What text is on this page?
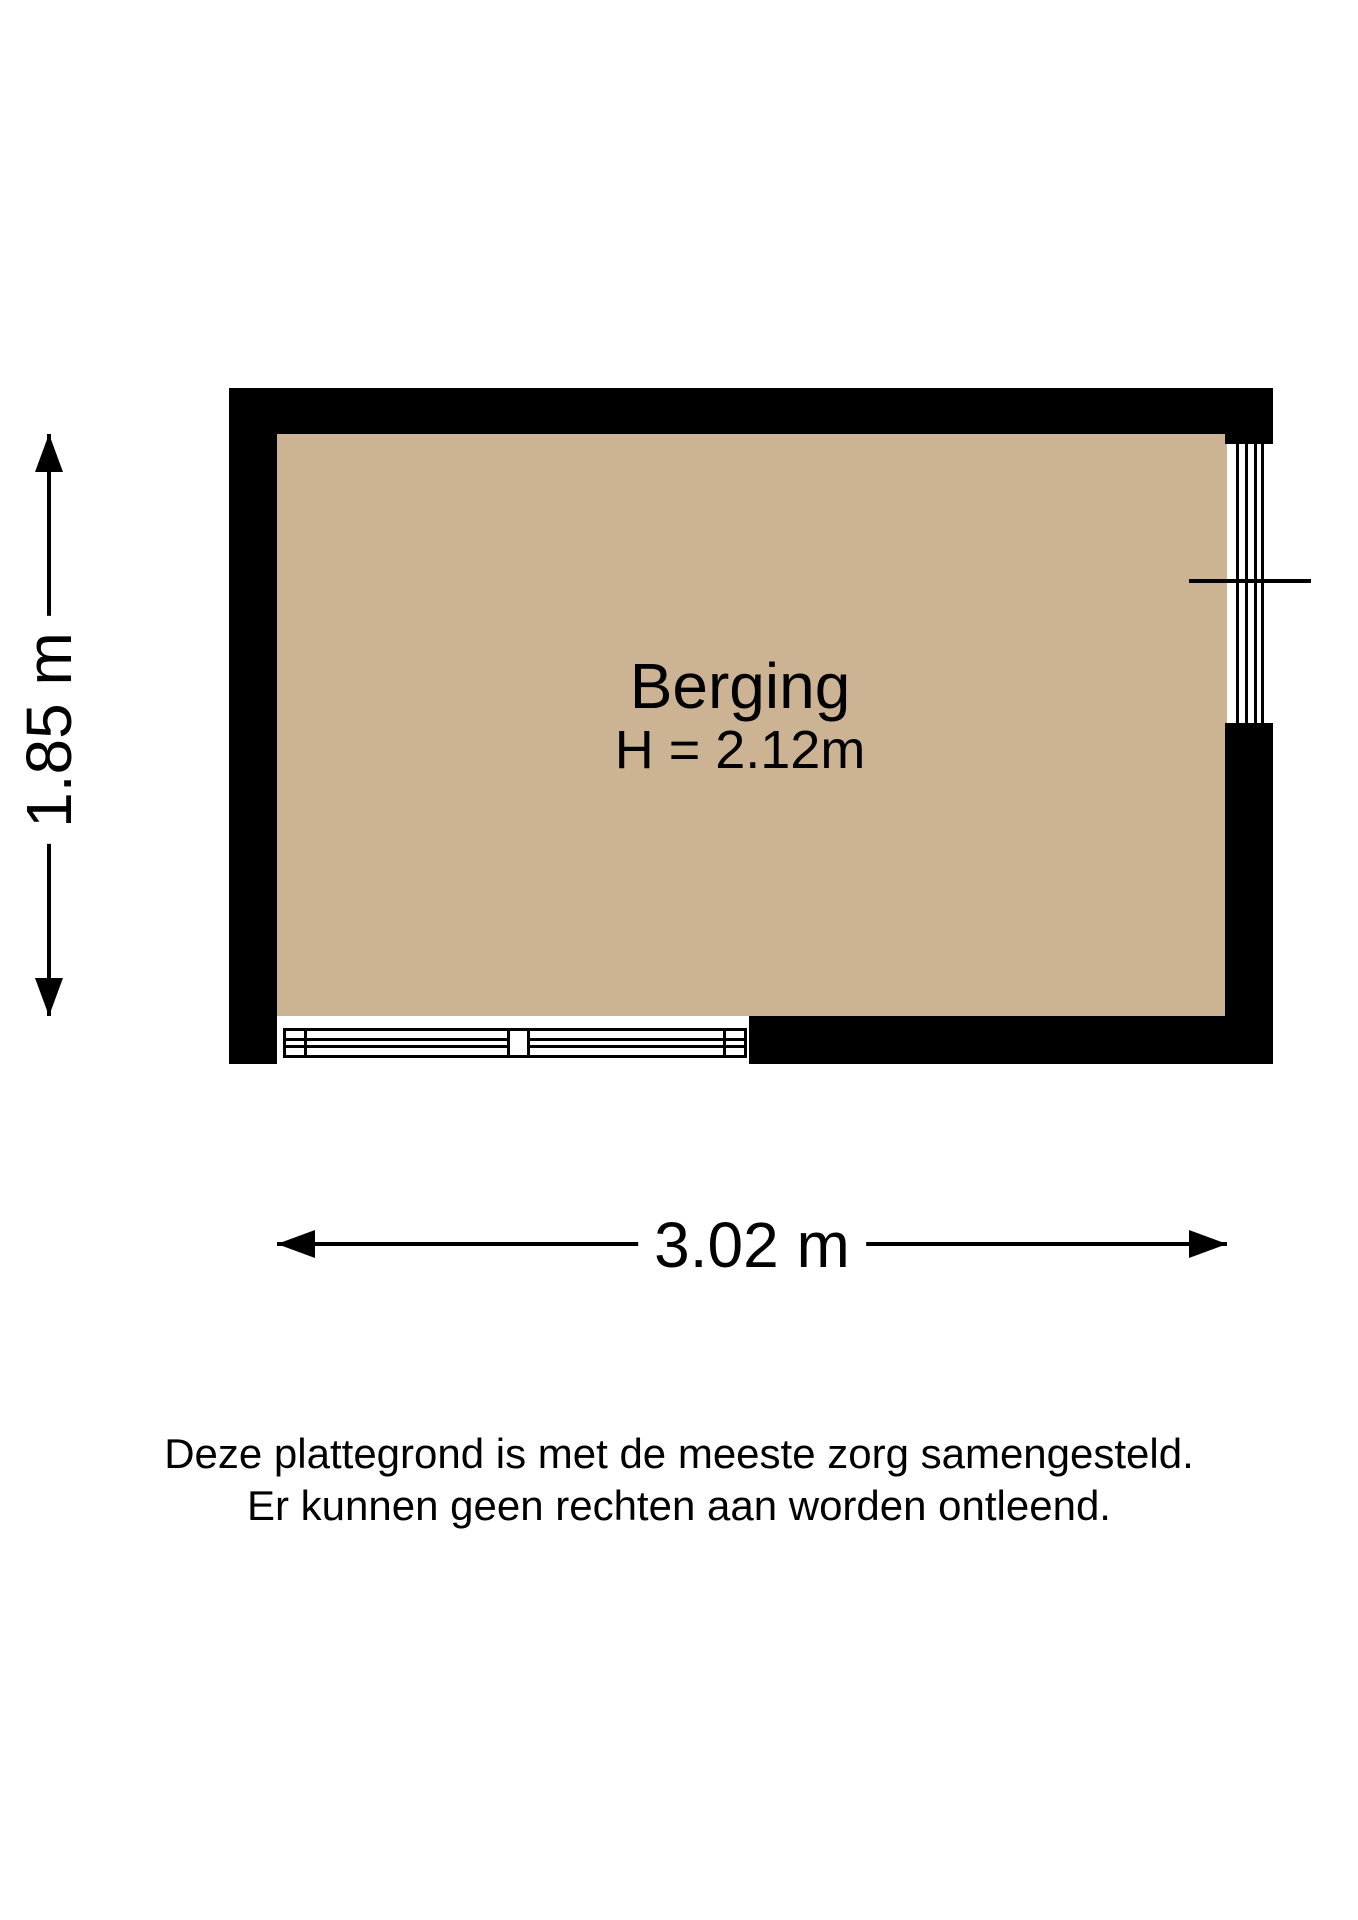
Berging
H = 2.12m
1.85 m
3.02 m
Deze plattegrond is met de meeste zorg samengesteld.
Er kunnen geen rechten aan worden ontleend.
